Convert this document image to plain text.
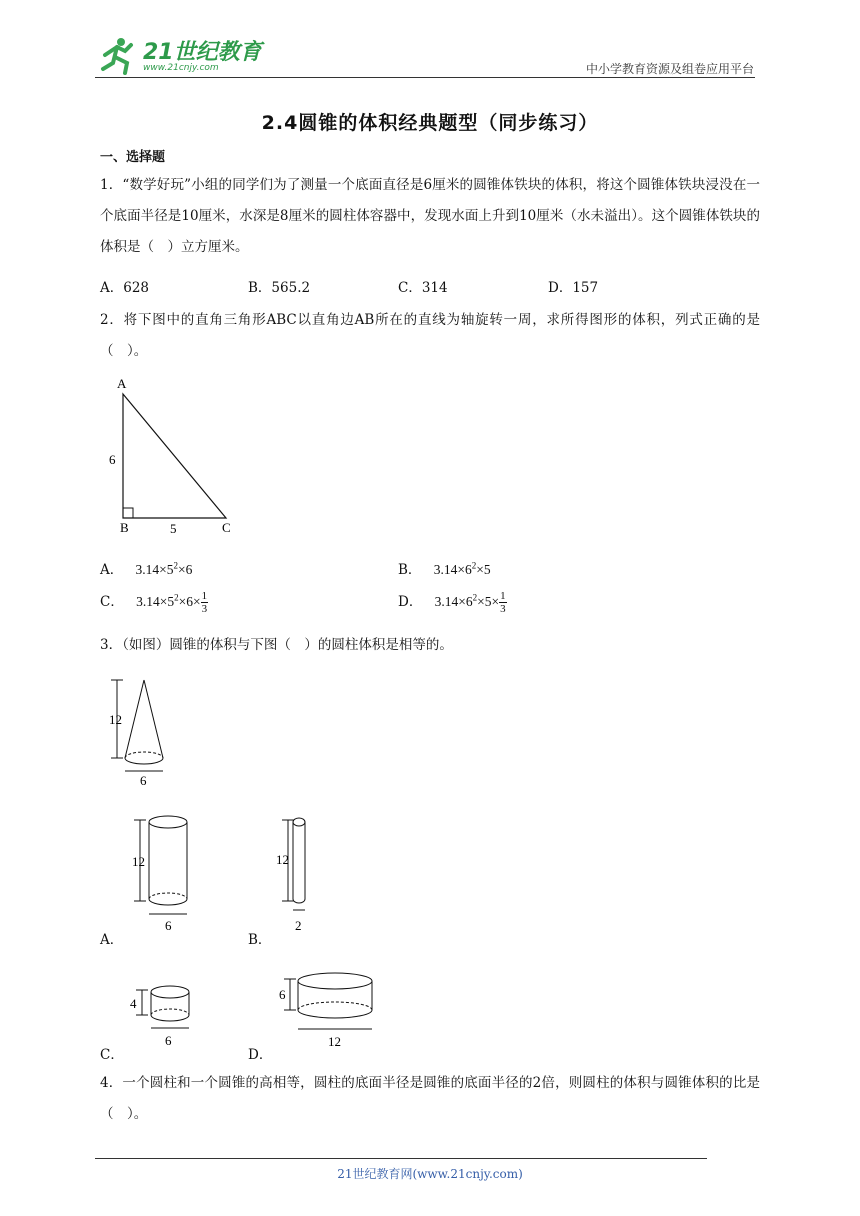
21世纪教育
www.21cnjy.com	中小学教育资源及组卷应用平台
2.4圆锥的体积经典题型（同步练习）
一、选择题
1．“数学好玩”小组的同学们为了测量一个底面直径是6厘米的圆锥体铁块的体积，将这个圆锥体铁块浸没在一个底面半径是10厘米，水深是8厘米的圆柱体容器中，发现水面上升到10厘米（水未溢出）。这个圆锥体铁块的体积是（　）立方厘米。
A．628	B．565.2	C．314	D．157
2．将下图中的直角三角形ABC以直角边AB所在的直线为轴旋转一周，求所得图形的体积，列式正确的是（　）。
A
B	C
6
5
A． $3.14\times 5^2\times 6$	B． $3.14\times 6^2\times 5$
C． $3.14\times 5^2\times 6\times \frac{1}{3}$	D． $3.14\times 6^2\times 5\times \frac{1}{3}$
3．（如图）圆锥的体积与下图（　）的圆柱体积是相等的。
12
6
A．
12
6
B．
12
2
C．
4
6
D．
6
12
4．一个圆柱和一个圆锥的高相等，圆柱的底面半径是圆锥的底面半径的2倍，则圆柱的体积与圆锥体积的比是（　）。
21世纪教育网(www.21cnjy.com)
